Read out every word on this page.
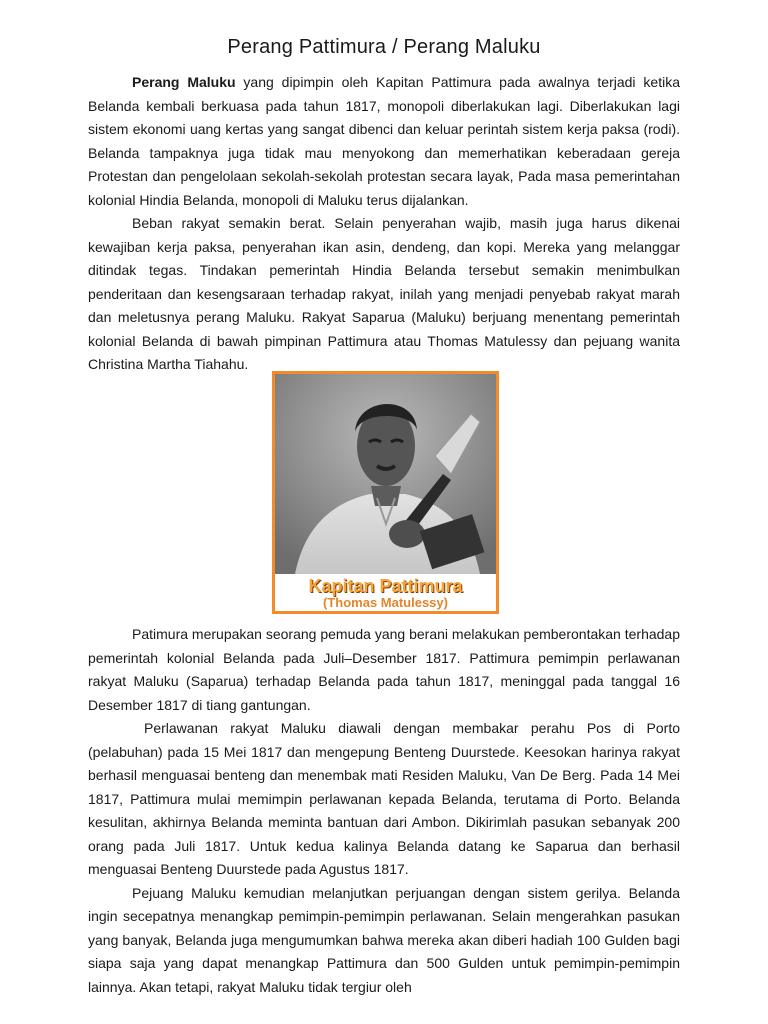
Perang Pattimura / Perang Maluku

Perang Maluku yang dipimpin oleh Kapitan Pattimura pada awalnya terjadi ketika Belanda kembali berkuasa pada tahun 1817, monopoli diberlakukan lagi. Diberlakukan lagi sistem ekonomi uang kertas yang sangat dibenci dan keluar perintah sistem kerja paksa (rodi). Belanda tampaknya juga tidak mau menyokong dan memerhatikan keberadaan gereja Protestan dan pengelolaan sekolah-sekolah protestan secara layak, Pada masa pemerintahan kolonial Hindia Belanda, monopoli di Maluku terus dijalankan.

Beban rakyat semakin berat. Selain penyerahan wajib, masih juga harus dikenai kewajiban kerja paksa, penyerahan ikan asin, dendeng, dan kopi. Mereka yang melanggar ditindak tegas. Tindakan pemerintah Hindia Belanda tersebut semakin menimbulkan penderitaan dan kesengsaraan terhadap rakyat, inilah yang menjadi penyebab rakyat marah dan meletusnya perang Maluku. Rakyat Saparua (Maluku) berjuang menentang pemerintah kolonial Belanda di bawah pimpinan Pattimura atau Thomas Matulessy dan pejuang wanita Christina Martha Tiahahu.

Kapitan Pattimura
(Thomas Matulessy)

Patimura merupakan seorang pemuda yang berani melakukan pemberontakan terhadap pemerintah kolonial Belanda pada Juli–Desember 1817. Pattimura pemimpin perlawanan rakyat Maluku (Saparua) terhadap Belanda pada tahun 1817, meninggal pada tanggal 16 Desember 1817 di tiang gantungan.

Perlawanan rakyat Maluku diawali dengan membakar perahu Pos di Porto (pelabuhan) pada 15 Mei 1817 dan mengepung Benteng Duurstede. Keesokan harinya rakyat berhasil menguasai benteng dan menembak mati Residen Maluku, Van De Berg. Pada 14 Mei 1817, Pattimura mulai memimpin perlawanan kepada Belanda, terutama di Porto. Belanda kesulitan, akhirnya Belanda meminta bantuan dari Ambon. Dikirimlah pasukan sebanyak 200 orang pada Juli 1817. Untuk kedua kalinya Belanda datang ke Saparua dan berhasil menguasai Benteng Duurstede pada Agustus 1817.

Pejuang Maluku kemudian melanjutkan perjuangan dengan sistem gerilya. Belanda ingin secepatnya menangkap pemimpin-pemimpin perlawanan. Selain mengerahkan pasukan yang banyak, Belanda juga mengumumkan bahwa mereka akan diberi hadiah 100 Gulden bagi siapa saja yang dapat menangkap Pattimura dan 500 Gulden untuk pemimpin-pemimpin lainnya. Akan tetapi, rakyat Maluku tidak tergiur oleh
